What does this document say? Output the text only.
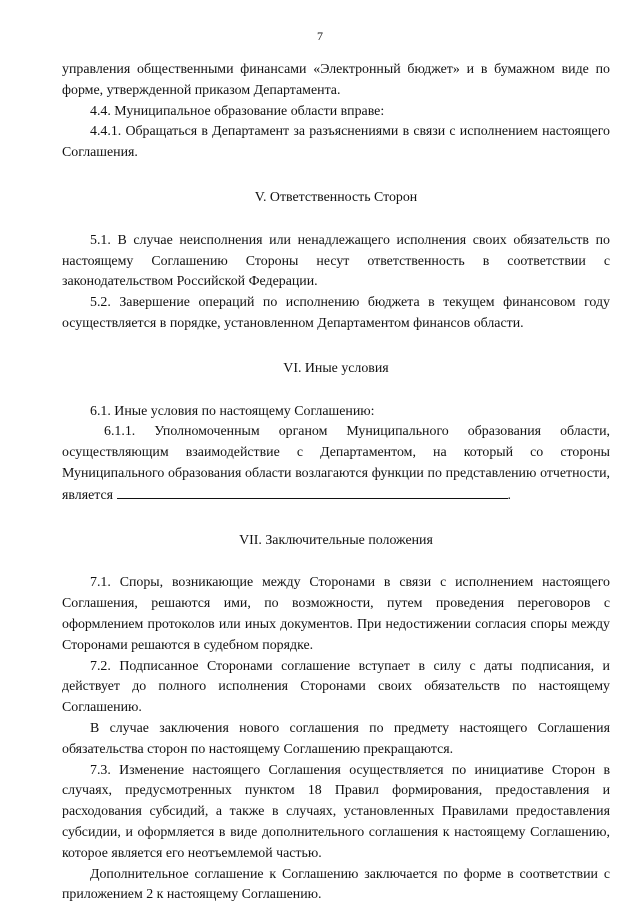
7

управления общественными финансами «Электронный бюджет» и в бумажном виде по форме, утвержденной приказом Департамента.

4.4. Муниципальное образование области вправе:

4.4.1. Обращаться в Департамент за разъяснениями в связи с исполнением настоящего Соглашения.

V. Ответственность Сторон

5.1. В случае неисполнения или ненадлежащего исполнения своих обязательств по настоящему Соглашению Стороны несут ответственность в соответствии с законодательством Российской Федерации.

5.2. Завершение операций по исполнению бюджета в текущем финансовом году осуществляется в порядке, установленном Департаментом финансов области.

VI. Иные условия

6.1. Иные условия по настоящему Соглашению:

6.1.1. Уполномоченным органом Муниципального образования области, осуществляющим взаимодействие с Департаментом, на который со стороны Муниципального образования области возлагаются функции по представлению отчетности, является	.

VII. Заключительные положения

7.1. Споры, возникающие между Сторонами в связи с исполнением настоящего Соглашения, решаются ими, по возможности, путем проведения переговоров с оформлением протоколов или иных документов. При недостижении согласия споры между Сторонами решаются в судебном порядке.

7.2. Подписанное Сторонами соглашение вступает в силу с даты подписания, и действует до полного исполнения Сторонами своих обязательств по настоящему Соглашению.

В случае заключения нового соглашения по предмету настоящего Соглашения обязательства сторон по настоящему Соглашению прекращаются.

7.3. Изменение настоящего Соглашения осуществляется по инициативе Сторон в случаях, предусмотренных пунктом 18 Правил формирования, предоставления и расходования субсидий, а также в случаях, установленных Правилами предоставления субсидии, и оформляется в виде дополнительного соглашения к настоящему Соглашению, которое является его неотъемлемой частью.

Дополнительное соглашение к Соглашению заключается по форме в соответствии с приложением 2 к настоящему Соглашению.
